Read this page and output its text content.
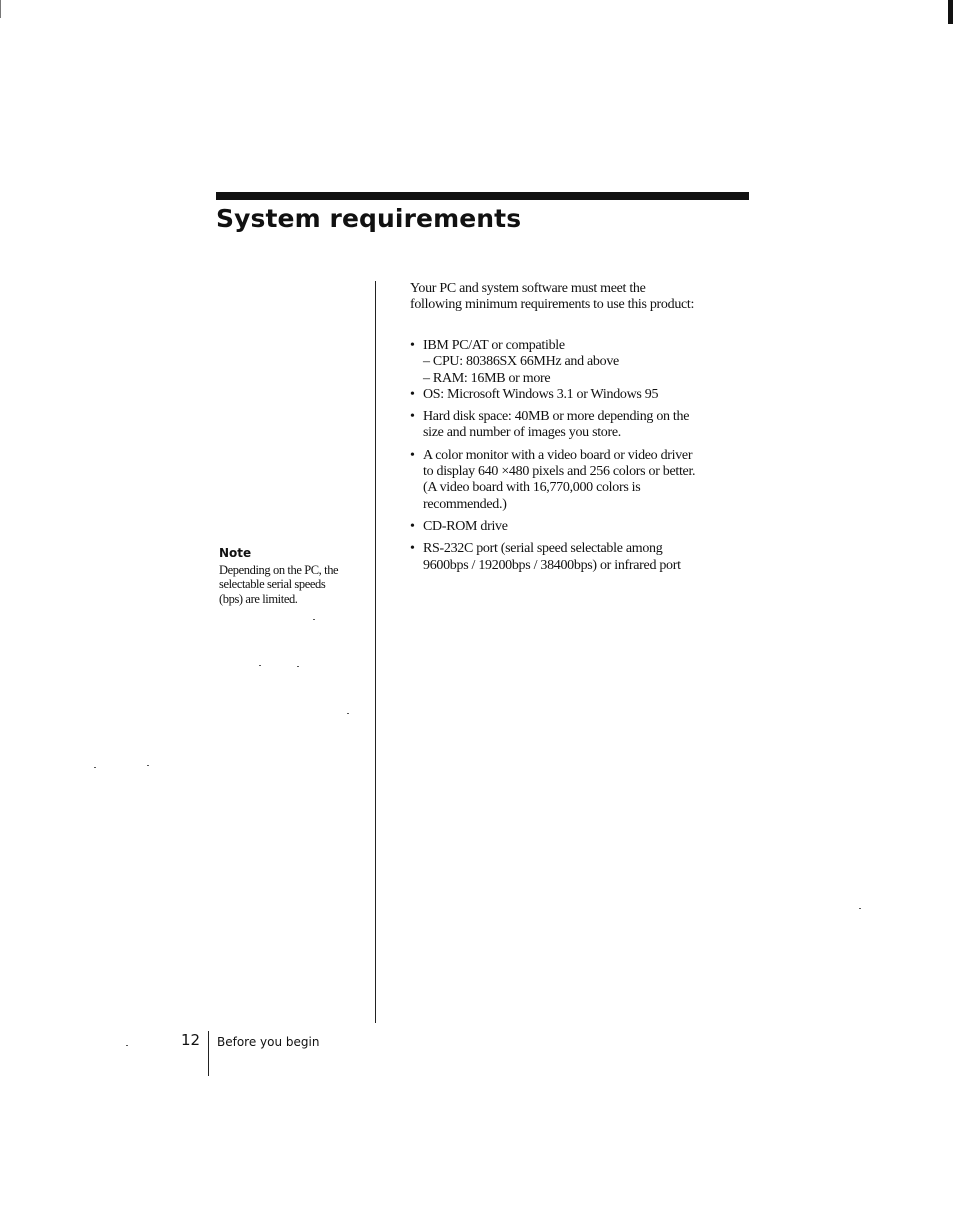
System requirements

Your PC and system software must meet the
following minimum requirements to use this product:

• IBM PC/AT or compatible
– CPU: 80386SX 66MHz and above
– RAM: 16MB or more
• OS: Microsoft Windows 3.1 or Windows 95
• Hard disk space: 40MB or more depending on the
size and number of images you store.
• A color monitor with a video board or video driver
to display 640 ×480 pixels and 256 colors or better.
(A video board with 16,770,000 colors is
recommended.)
• CD-ROM drive
• RS-232C port (serial speed selectable among
9600bps / 19200bps / 38400bps) or infrared port
Note

Depending on the PC, the
selectable serial speeds
(bps) are limited.

12 Before you begin
